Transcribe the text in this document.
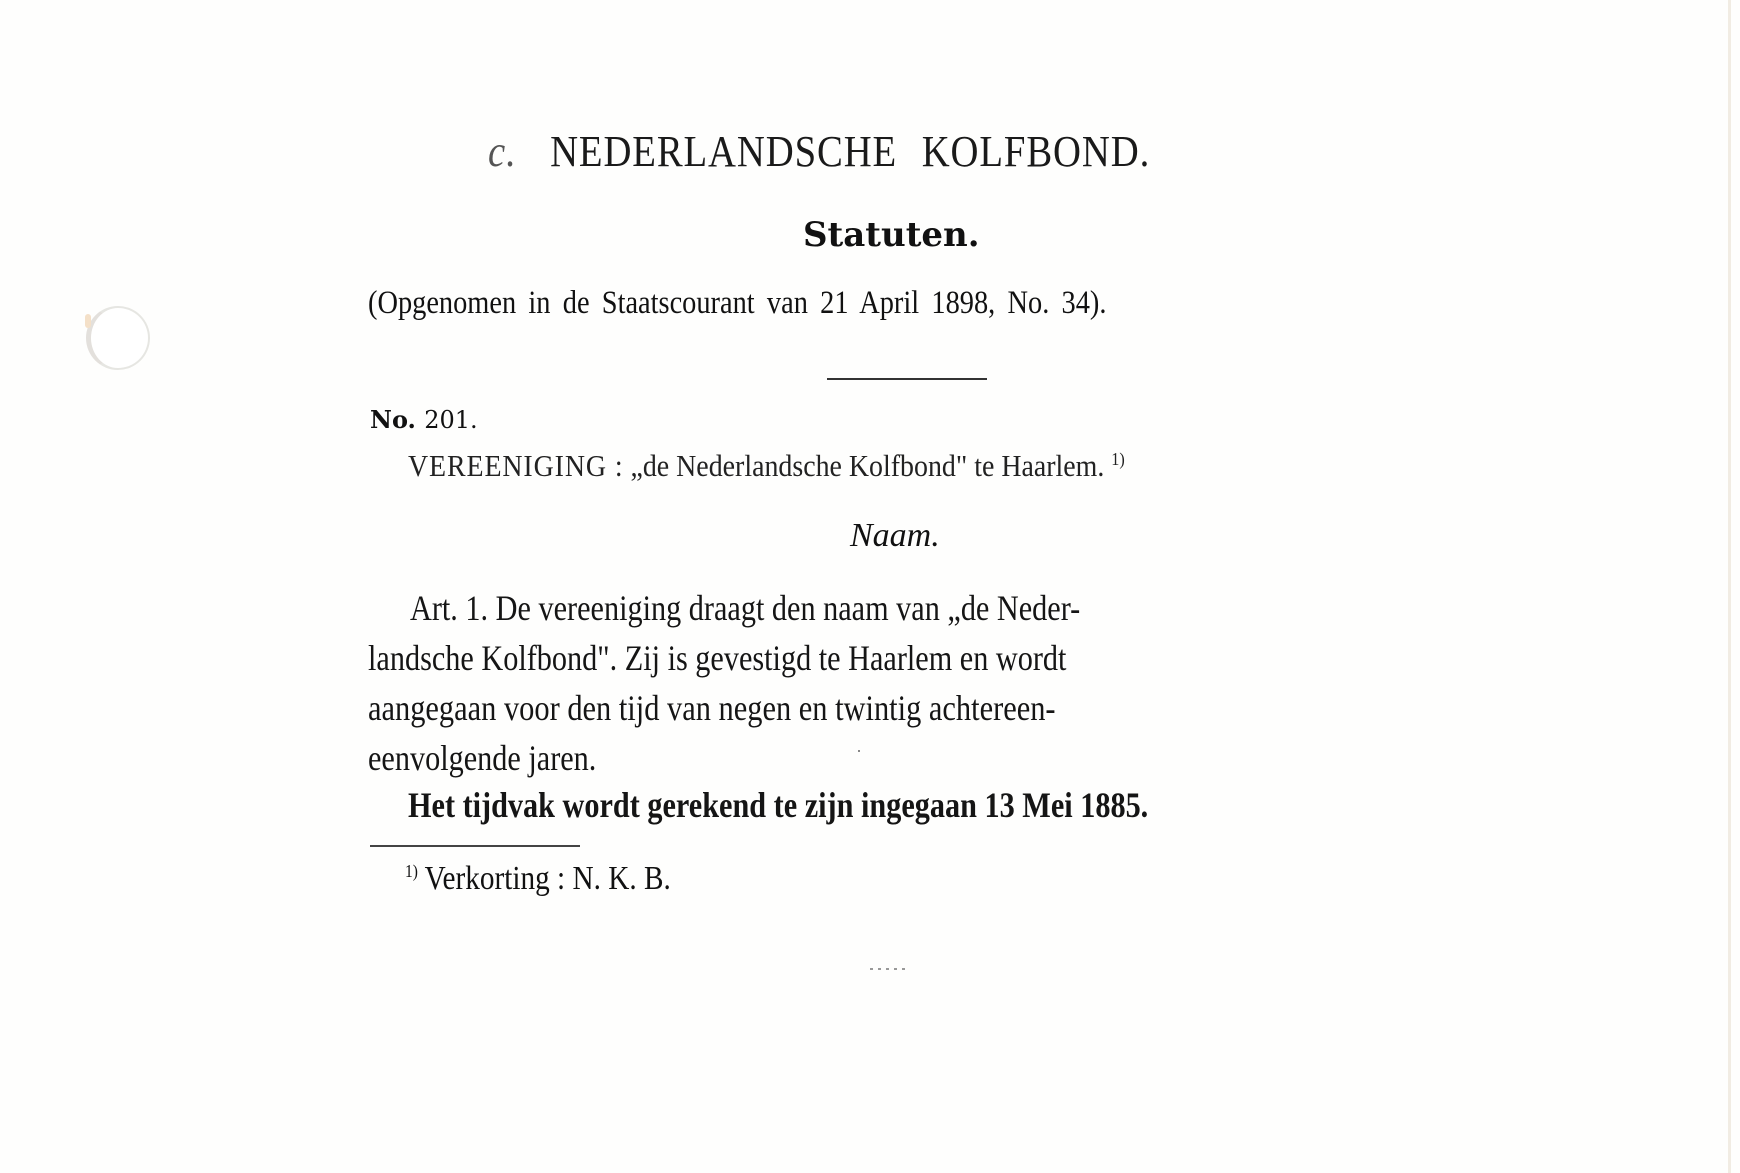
c. NEDERLANDSCHE KOLFBOND.
Statuten.
(Opgenomen in de Staatscourant van 21 April 1898, No. 34).
No. 201.
VEREENIGING : „de Nederlandsche Kolfbond" te Haarlem. $^{1)}$
Naam.
Art. 1. De vereeniging draagt den naam van „de Neder-
landsche Kolfbond". Zij is gevestigd te Haarlem en wordt
aangegaan voor den tijd van negen en twintig achtereen-
eenvolgende jaren.
Het tijdvak wordt gerekend te zijn ingegaan 13 Mei 1885.
$^{1)}$ Verkorting : N. K. B.
